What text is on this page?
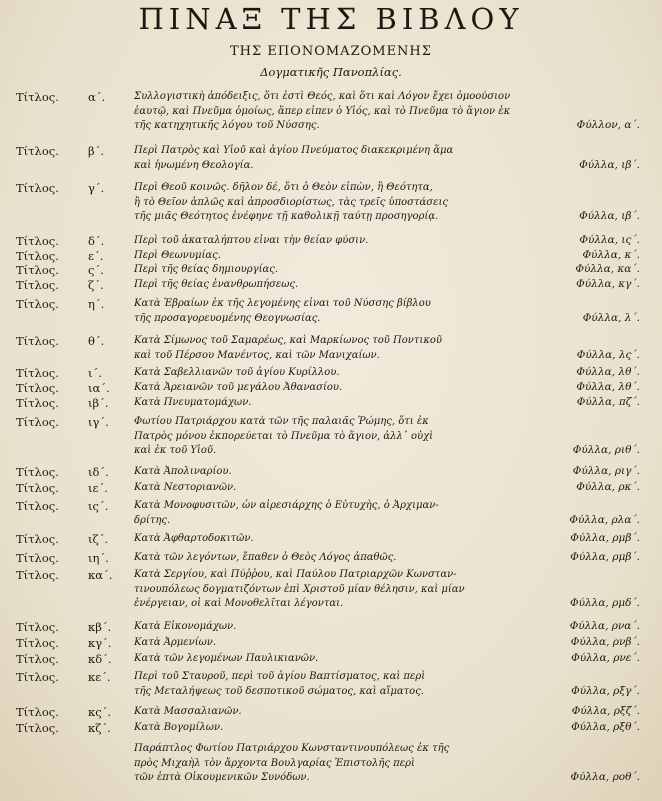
ΠΙΝΑΞ ΤΗΣ ΒΙΒΛΟΥ
ΤΗΣ ΕΠΟΝΟΜΑΖΟΜΕΝΗΣ
Δογματικῆς Πανοπλίας.
Τίτλος.	α´.	Συλλογιστικὴ ἀπόδειξις, ὅτι ἐστὶ Θεός, καὶ ὅτι καὶ Λόγον ἔχει ὁμοούσιον
ἑαυτῷ, καὶ Πνεῦμα ὁμοίως, ἅπερ εἶπεν ὁ Υἱός, καὶ τὸ Πνεῦμα τὸ ἅγιον ἐκ
τῆς κατηχητικῆς λόγου τοῦ Νύσσης.	Φύλλον, α´.
Τίτλος.	β´.	Περὶ Πατρὸς καὶ Υἱοῦ καὶ ἁγίου Πνεύματος διακεκριμένη ἅμα
καὶ ἡνωμένη Θεολογία.	Φύλλα, ιβ´.
Τίτλος.	γ´.	Περὶ Θεοῦ κοινῶς. δῆλον δέ, ὅτι ὁ Θεὸν εἰπὼν, ἢ Θεότητα,
ἢ τὸ Θεῖον ἁπλῶς καὶ ἀπροσδιορίστως, τὰς τρεῖς ὑποστάσεις
τῆς μιᾶς Θεότητος ἐνέφηνε τῇ καθολικῇ ταύτῃ προσηγορίᾳ.	Φύλλα, ιβ´.
Τίτλος.	δ´.	Περὶ τοῦ ἀκαταλήπτου εἶναι τὴν θείαν φύσιν.	Φύλλα, ις´.
Τίτλος.	ε´.	Περὶ Θεωνυμίας.	Φύλλα, κ´.
Τίτλος.	ς´.	Περὶ τῆς θείας δημιουργίας.	Φύλλα, κα´.
Τίτλος.	ζ´.	Περὶ τῆς θείας ἐνανθρωπήσεως.	Φύλλα, κγ´.
Τίτλος.	η´.	Κατὰ Ἑβραίων ἐκ τῆς λεγομένης εἶναι τοῦ Νύσσης βίβλου
τῆς προσαγορευομένης Θεογνωσίας.	Φύλλα, λ´.
Τίτλος.	θ´.	Κατὰ Σίμωνος τοῦ Σαμαρέως, καὶ Μαρκίωνος τοῦ Ποντικοῦ
καὶ τοῦ Πέρσου Μανέντος, καὶ τῶν Μανιχαίων.	Φύλλα, λς´.
Τίτλος.	ι´.	Κατὰ Σαβελλιανῶν τοῦ ἁγίου Κυρίλλου.	Φύλλα, λθ´.
Τίτλος.	ια´. Κατὰ Ἀρειανῶν τοῦ μεγάλου Ἀθανασίου.	Φύλλα, λθ´.
Τίτλος.	ιβ´.	Κατὰ Πνευματομάχων.	Φύλλα, πζ´.
Τίτλος.	ιγ´.	Φωτίου Πατριάρχου κατὰ τῶν τῆς παλαιᾶς Ῥώμης, ὅτι ἐκ
Πατρὸς μόνου ἐκπορεύεται τὸ Πνεῦμα τὸ ἅγιον, ἀλλ᾽ οὐχὶ
καὶ ἐκ τοῦ Υἱοῦ.	Φύλλα, ριθ´.
Τίτλος.	ιδ´.	Κατὰ Ἀπολιναρίου.	Φύλλα, ριγ´.
Τίτλος.	ιε´.	Κατὰ Νεστοριανῶν.	Φύλλα, ρκ´.
Τίτλος.	ις´.	Κατὰ Μονοφυσιτῶν, ὧν αἱρεσιάρχης ὁ Εὐτυχὴς, ὁ Ἀρχιμαν-
δρίτης.	Φύλλα, ρλα´.
Τίτλος.	ιζ´.	Κατὰ Ἀφθαρτοδοκιτῶν.	Φύλλα, ρμβ´.
Τίτλος.	ιη´.	Κατὰ τῶν λεγόντων, ἔπαθεν ὁ Θεὸς Λόγος ἀπαθῶς.	Φύλλα, ρμβ´.
Τίτλος.	κα´. Κατὰ Σεργίου, καὶ Πύῤῥου, καὶ Παύλου Πατριαρχῶν Κωνσταν-
τινουπόλεως δογματιζόντων ἐπὶ Χριστοῦ μίαν θέλησιν, καὶ μίαν
ἐνέργειαν, οἱ καὶ Μονοθελῖται λέγονται.	Φύλλα, ρμδ´.
Τίτλος.	κβ´. Κατὰ Εἰκονομάχων.	Φύλλα, ρνα´.
Τίτλος.	κγ´. Κατὰ Ἀρμενίων.	Φύλλα, ρνβ´.
Τίτλος.	κδ´. Κατὰ τῶν λεγομένων Παυλικιανῶν.	Φύλλα, ρνε´.
Τίτλος.	κε´. Περὶ τοῦ Σταυροῦ, περὶ τοῦ ἁγίου Βαπτίσματος, καὶ περὶ
τῆς Μεταλήψεως τοῦ δεσποτικοῦ σώματος, καὶ αἵματος.	Φύλλα, ρξγ´.
Τίτλος.	κς´. Κατὰ Μασσαλιανῶν.	Φύλλα, ρξζ´.
Τίτλος.	κζ´. Κατὰ Βογομίλων.	Φύλλα, ρξθ´.
Παράπτλος Φωτίου Πατριάρχου Κωνσταντινουπόλεως ἐκ τῆς
πρὸς Μιχαὴλ τὸν ἄρχοντα Βουλγαρίας Ἐπιστολῆς περὶ
τῶν ἑπτὰ Οἰκουμενικῶν Συνόδων.	Φύλλα, ροθ´.
